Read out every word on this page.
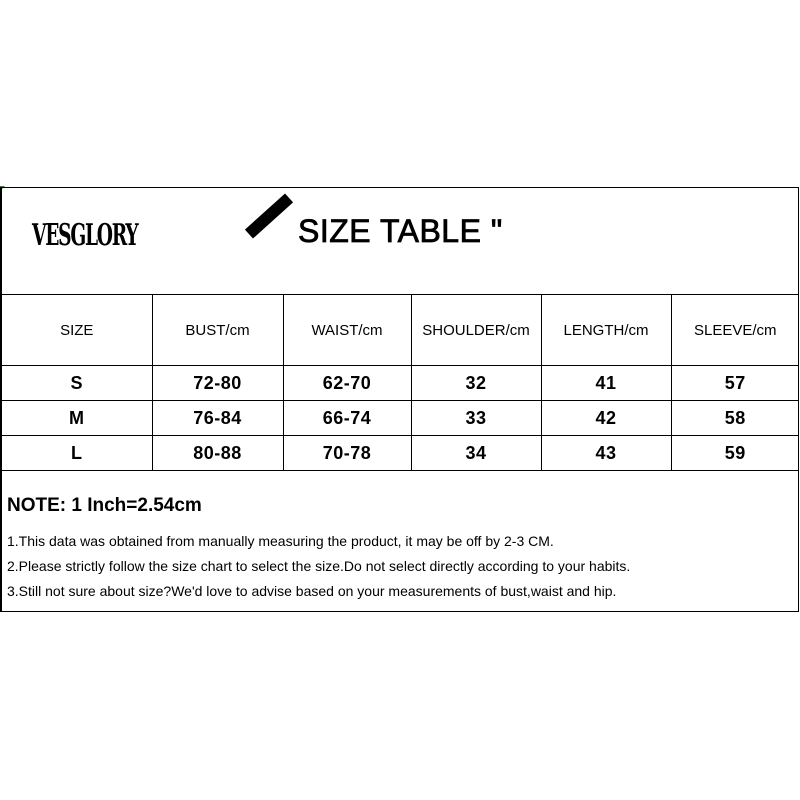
VESGLORY	SIZE TABLE "
SIZE	BUST/cm	WAIST/cm	SHOULDER/cm	LENGTH/cm	SLEEVE/cm
S	72-80	62-70	32	41	57
M	76-84	66-74	33	42	58
L	80-88	70-78	34	43	59
NOTE: 1 Inch=2.54cm
1.This data was obtained from manually measuring the product, it may be off by 2-3 CM.
2.Please strictly follow the size chart to select the size.Do not select directly according to your habits.
3.Still not sure about size?We'd love to advise based on your measurements of bust,waist and hip.
